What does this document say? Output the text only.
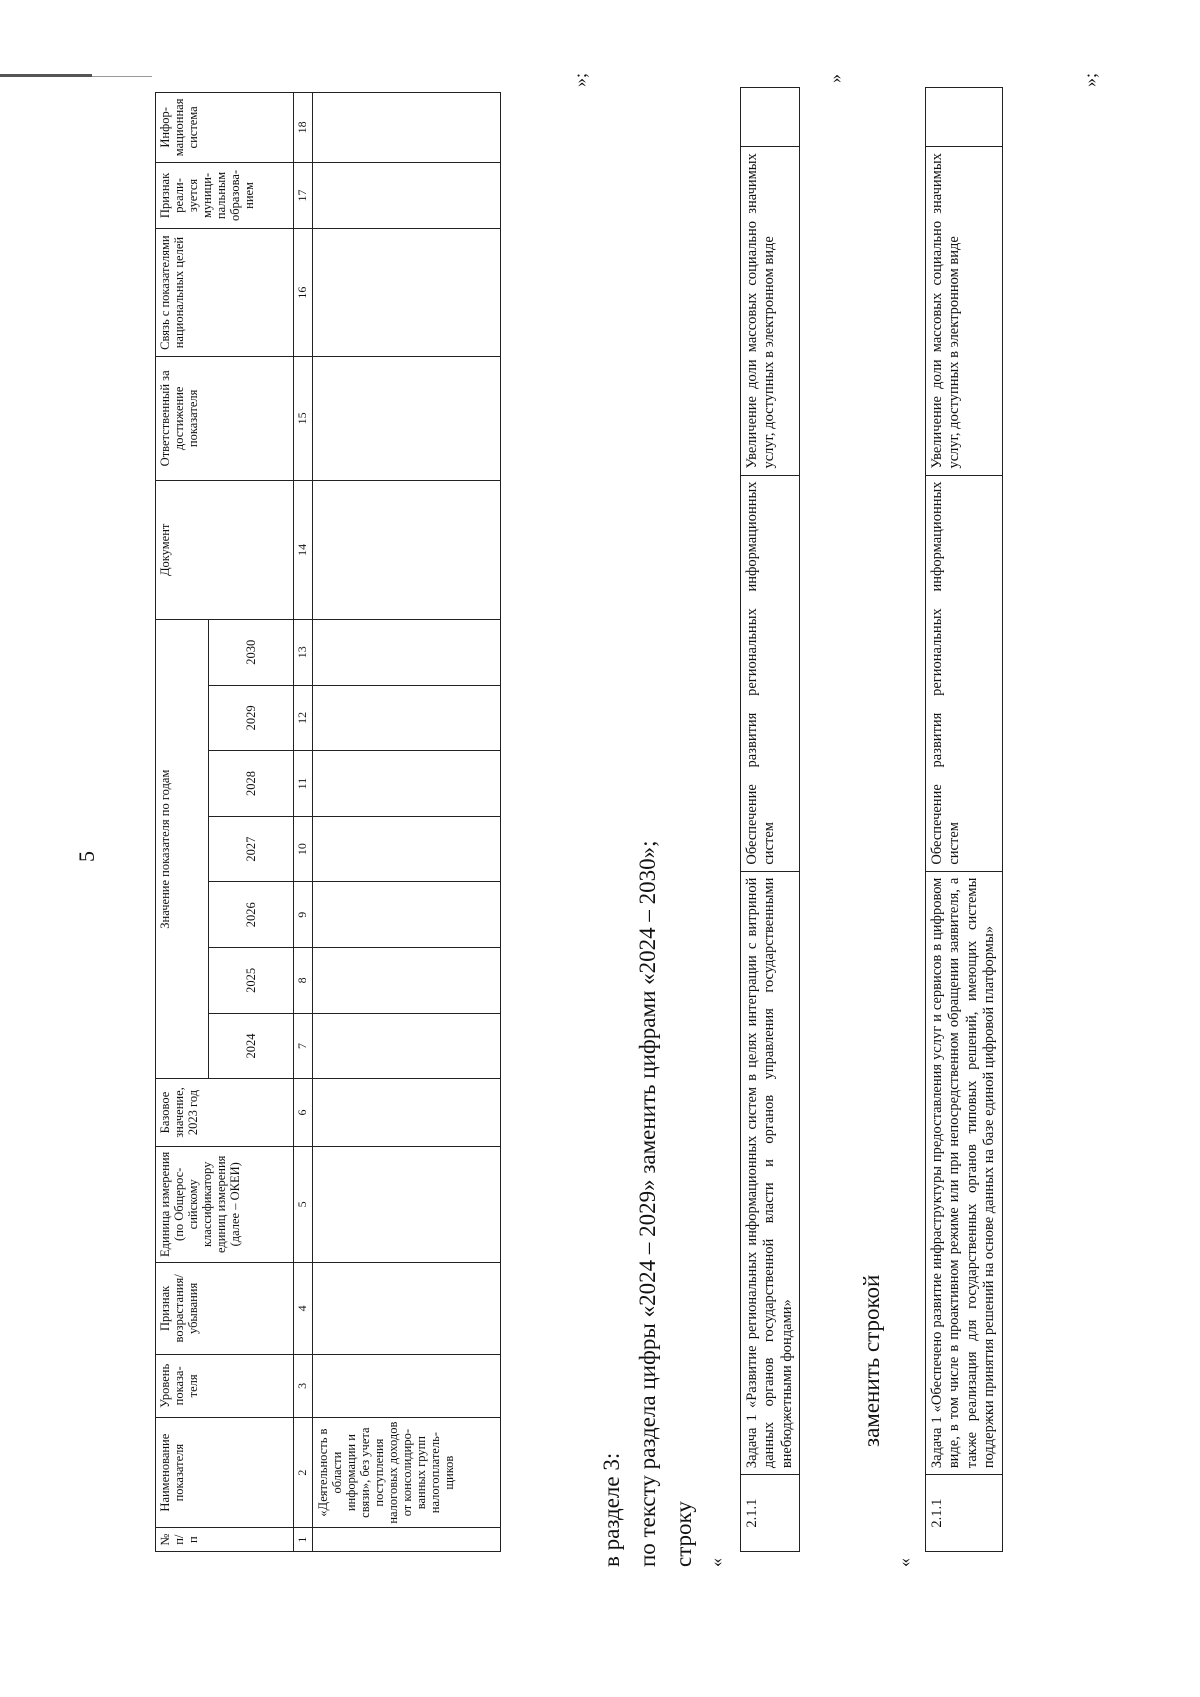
5
№ п/п	Наименование показателя	Уровень показа-теля	Признак возрастания/ убывания	Единица измерения (по Общерос-сийскому классификатору единиц измерения (далее – ОКЕИ)	Базовое значение, 2023 год	Значение показателя по годам							Документ	Ответственный за достижение показателя	Связь с показателями национальных целей	Признак реали-зуется муници-пальным образова-нием	Инфор-мационная система
						2024	2025	2026	2027	2028	2029	2030					
1	2	3	4	5	6	7	8	9	10	11	12	13	14	15	16	17	18
	«Деятельность в области информации и связи», без учета поступления налоговых доходов от консолидиро-ванных групп налогоплатель-щиков																
»;
в разделе 3: по тексту раздела цифры «2024 – 2029» заменить цифрами «2024 – 2030»; строку «
2.1.1	Задача 1 «Развитие региональных информационных систем в целях интеграции с витриной данных органов государственной власти и органов управления государственными внебюджетными фондами»	Обеспечение развития региональных информационных систем	Увеличение доли массовых социально значимых услуг, доступных в электронном виде	
»
заменить строкой
«
2.1.1	Задача 1 «Обеспечено развитие инфраструктуры предоставления услуг и сервисов в цифровом виде, в том числе в проактивном режиме или при непосредственном обращении заявителя, а также реализация для государственных органов типовых решений, имеющих системы поддержки принятия решений на основе данных на базе единой цифровой платформы»	Обеспечение развития региональных информационных систем	Увеличение доли массовых социально значимых услуг, доступных в электронном виде	
»;
